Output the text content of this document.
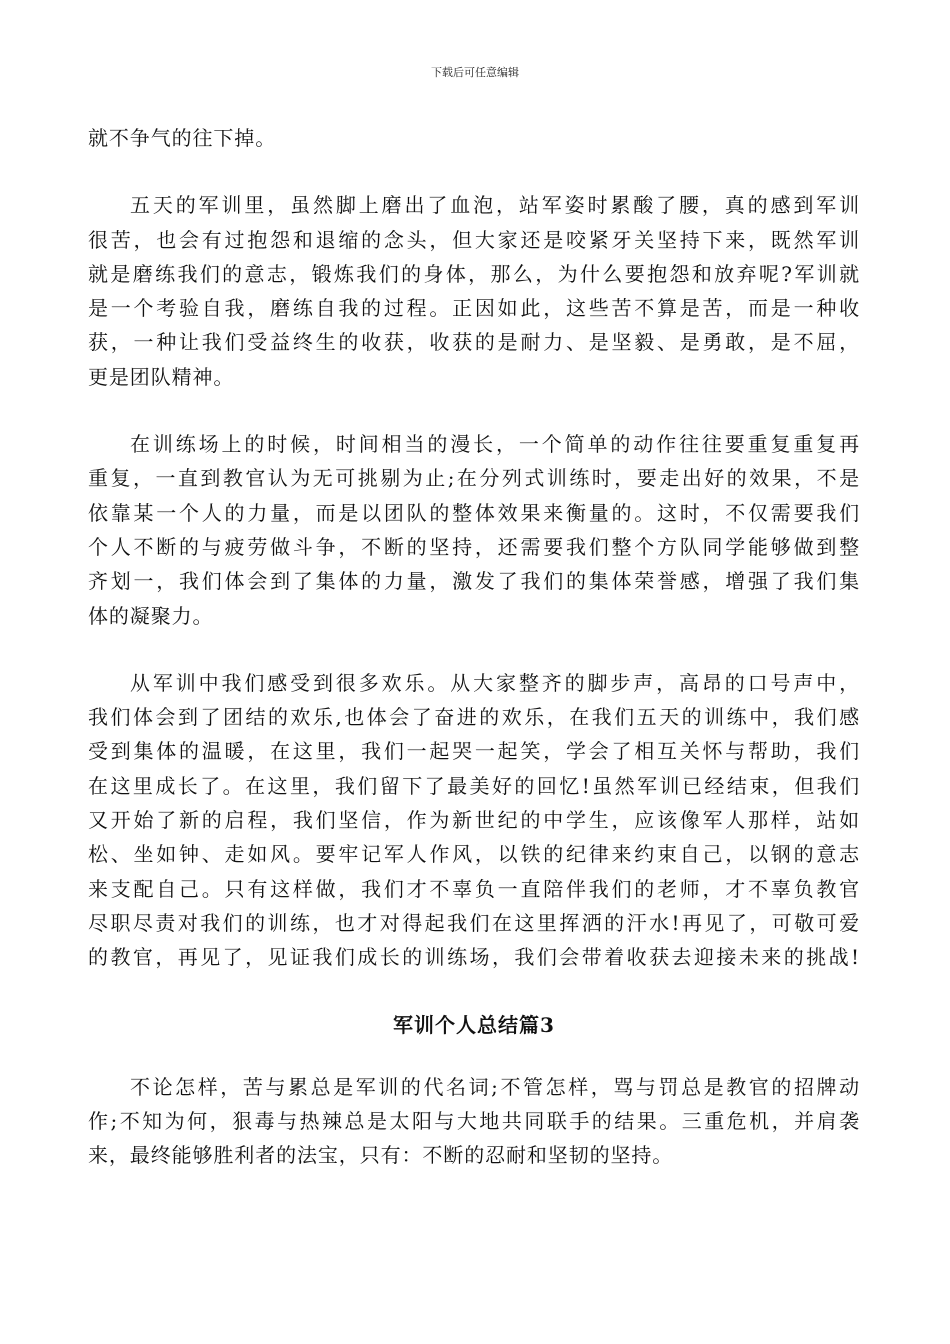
下载后可任意编辑
就不争气的往下掉。
五天的军训里，虽然脚上磨出了血泡，站军姿时累酸了腰，真的感到军训
很苦，也会有过抱怨和退缩的念头，但大家还是咬紧牙关坚持下来，既然军训
就是磨练我们的意志，锻炼我们的身体，那么，为什么要抱怨和放弃呢?军训就
是一个考验自我，磨练自我的过程。正因如此，这些苦不算是苦，而是一种收
获，一种让我们受益终生的收获，收获的是耐力、是坚毅、是勇敢，是不屈，
更是团队精神。
在训练场上的时候，时间相当的漫长，一个简单的动作往往要重复重复再
重复，一直到教官认为无可挑剔为止;在分列式训练时，要走出好的效果，不是
依靠某一个人的力量，而是以团队的整体效果来衡量的。这时，不仅需要我们
个人不断的与疲劳做斗争，不断的坚持，还需要我们整个方队同学能够做到整
齐划一，我们体会到了集体的力量，激发了我们的集体荣誉感，增强了我们集
体的凝聚力。
从军训中我们感受到很多欢乐。从大家整齐的脚步声，高昂的口号声中，
我们体会到了团结的欢乐,也体会了奋进的欢乐，在我们五天的训练中，我们感
受到集体的温暖，在这里，我们一起哭一起笑，学会了相互关怀与帮助，我们
在这里成长了。在这里，我们留下了最美好的回忆!虽然军训已经结束，但我们
又开始了新的启程，我们坚信，作为新世纪的中学生，应该像军人那样，站如
松、坐如钟、走如风。要牢记军人作风，以铁的纪律来约束自己，以钢的意志
来支配自己。只有这样做，我们才不辜负一直陪伴我们的老师，才不辜负教官
尽职尽责对我们的训练，也才对得起我们在这里挥洒的汗水!再见了，可敬可爱
的教官，再见了，见证我们成长的训练场，我们会带着收获去迎接未来的挑战!
军训个人总结篇3
不论怎样，苦与累总是军训的代名词;不管怎样，骂与罚总是教官的招牌动
作;不知为何，狠毒与热辣总是太阳与大地共同联手的结果。三重危机，并肩袭
来，最终能够胜利者的法宝，只有：不断的忍耐和坚韧的坚持。
